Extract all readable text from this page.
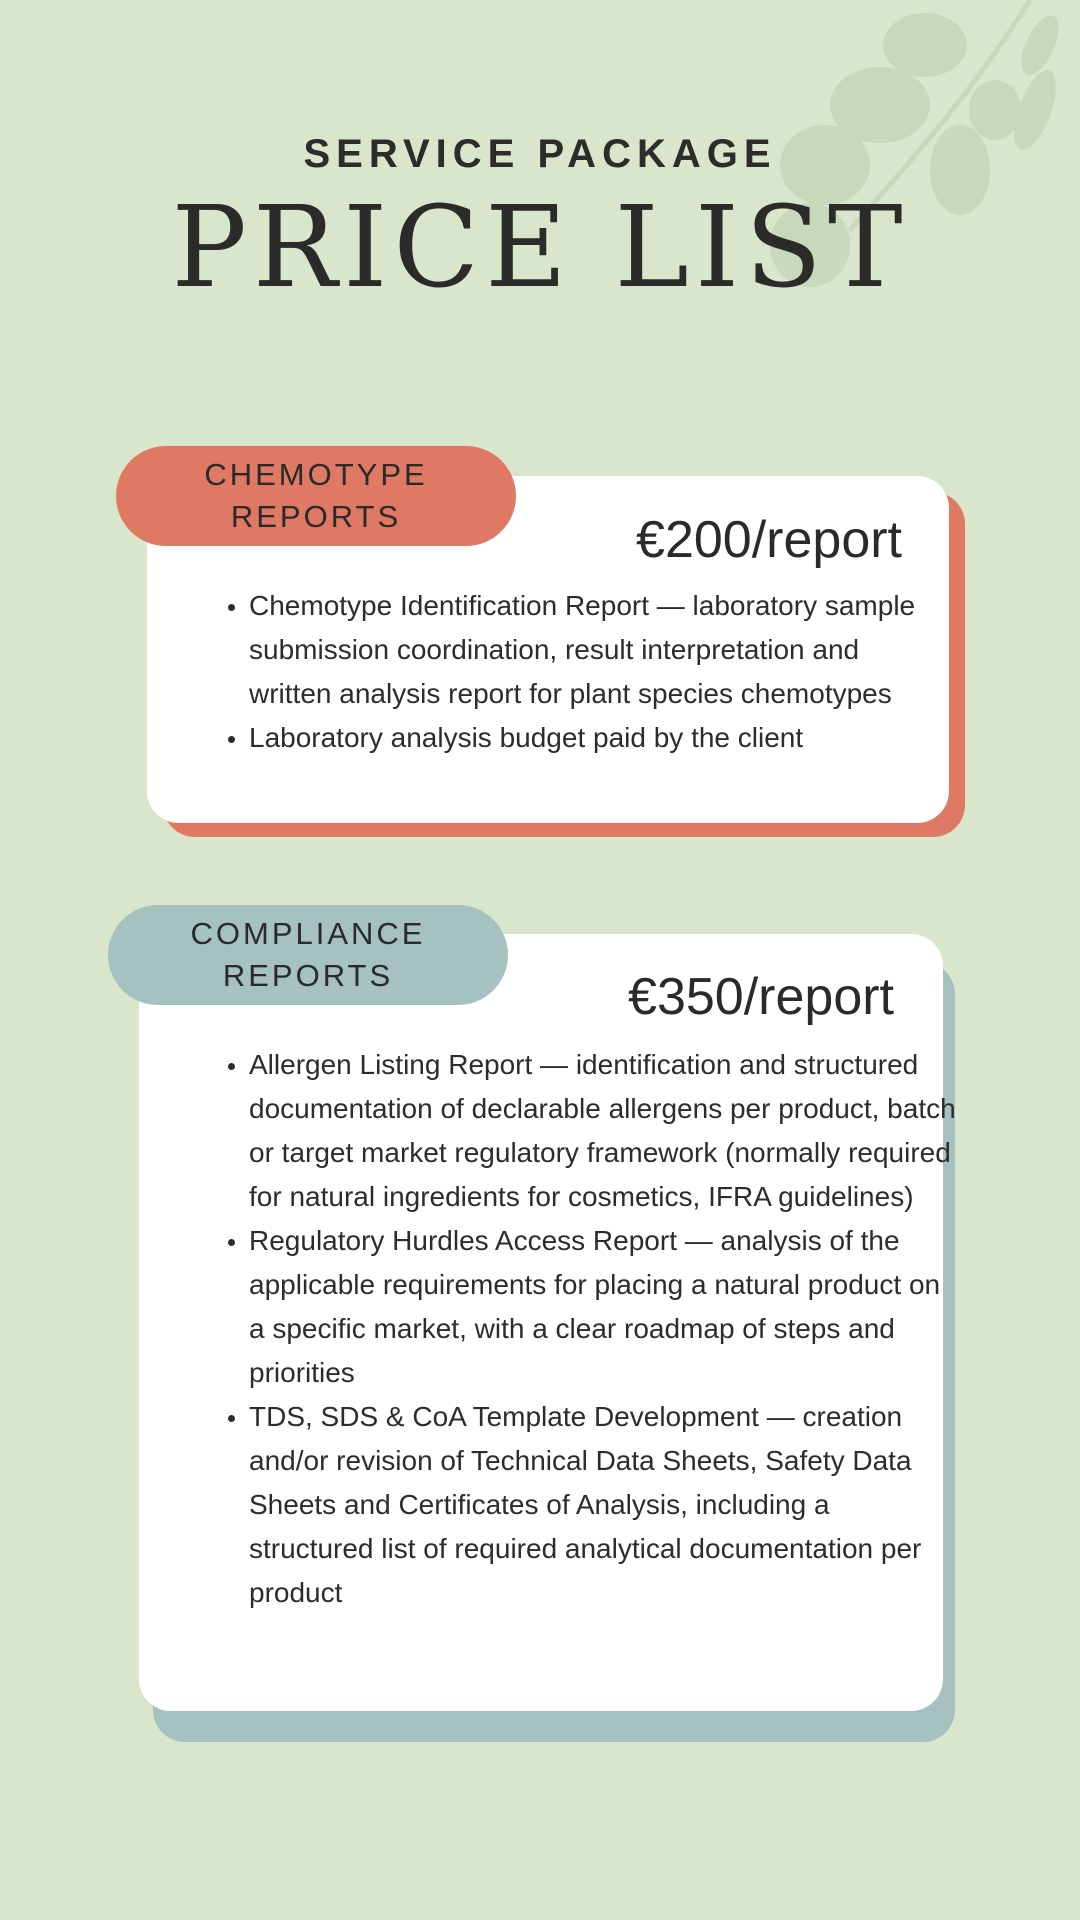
SERVICE PACKAGE
PRICE LIST
CHEMOTYPE
REPORTS	€200/report
• Chemotype Identification Report — laboratory sample submission coordination, result interpretation and written analysis report for plant species chemotypes
• Laboratory analysis budget paid by the client
COMPLIANCE
REPORTS	€350/report
• Allergen Listing Report — identification and structured documentation of declarable allergens per product, batch or target market regulatory framework (normally required for natural ingredients for cosmetics, IFRA guidelines)
• Regulatory Hurdles Access Report — analysis of the applicable requirements for placing a natural product on a specific market, with a clear roadmap of steps and priorities
• TDS, SDS & CoA Template Development — creation and/or revision of Technical Data Sheets, Safety Data Sheets and Certificates of Analysis, including a structured list of required analytical documentation per product
